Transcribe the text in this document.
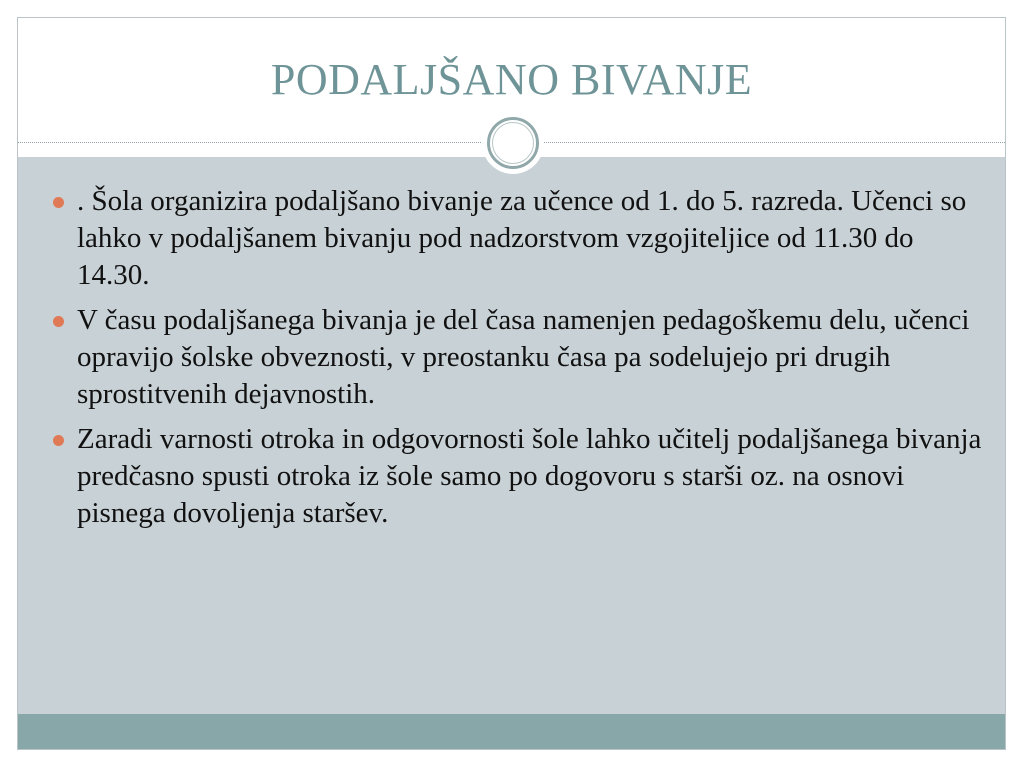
PODALJŠANO BIVANJE
. Šola organizira podaljšano bivanje za učence od 1. do 5. razreda. Učenci so lahko v podaljšanem bivanju pod nadzorstvom vzgojiteljice od 11.30 do 14.30.
V času podaljšanega bivanja je del časa namenjen pedagoškemu delu, učenci opravijo šolske obveznosti, v preostanku časa pa sodelujejo pri drugih sprostitvenih dejavnostih.
Zaradi varnosti otroka in odgovornosti šole lahko učitelj podaljšanega bivanja predčasno spusti otroka iz šole samo po dogovoru s starši oz. na osnovi pisnega dovoljenja staršev.
